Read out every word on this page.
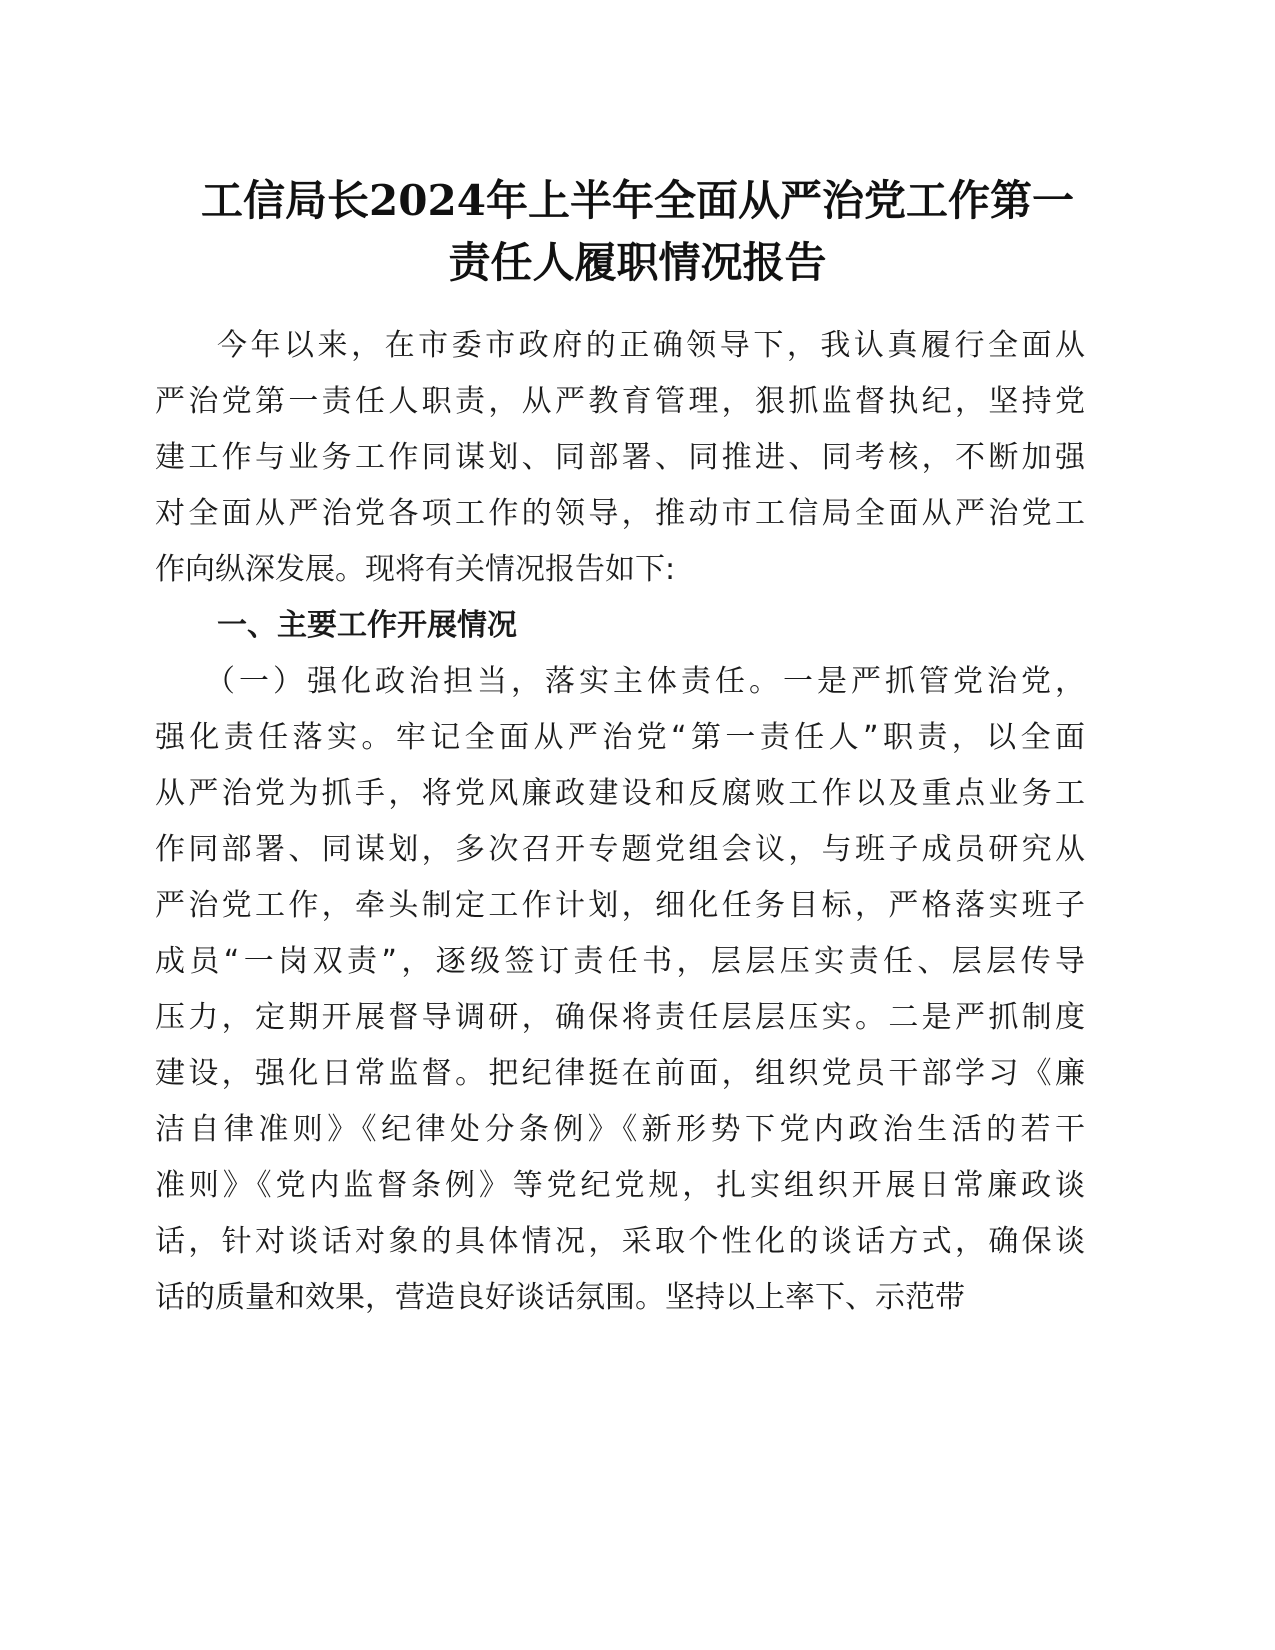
工信局长2024年上半年全面从严治党工作第一
责任人履职情况报告
今年以来，在市委市政府的正确领导下，我认真履行全面从
严治党第一责任人职责，从严教育管理，狠抓监督执纪，坚持党
建工作与业务工作同谋划、同部署、同推进、同考核，不断加强
对全面从严治党各项工作的领导，推动市工信局全面从严治党工
作向纵深发展。现将有关情况报告如下:
一、主要工作开展情况
（一）强化政治担当，落实主体责任。一是严抓管党治党，
强化责任落实。牢记全面从严治党“第一责任人”职责，以全面
从严治党为抓手，将党风廉政建设和反腐败工作以及重点业务工
作同部署、同谋划，多次召开专题党组会议，与班子成员研究从
严治党工作，牵头制定工作计划，细化任务目标，严格落实班子
成员“一岗双责”，逐级签订责任书，层层压实责任、层层传导
压力，定期开展督导调研，确保将责任层层压实。二是严抓制度
建设，强化日常监督。把纪律挺在前面，组织党员干部学习《廉
洁自律准则》《纪律处分条例》《新形势下党内政治生活的若干
准则》《党内监督条例》等党纪党规，扎实组织开展日常廉政谈
话，针对谈话对象的具体情况，采取个性化的谈话方式，确保谈
话的质量和效果，营造良好谈话氛围。坚持以上率下、示范带
